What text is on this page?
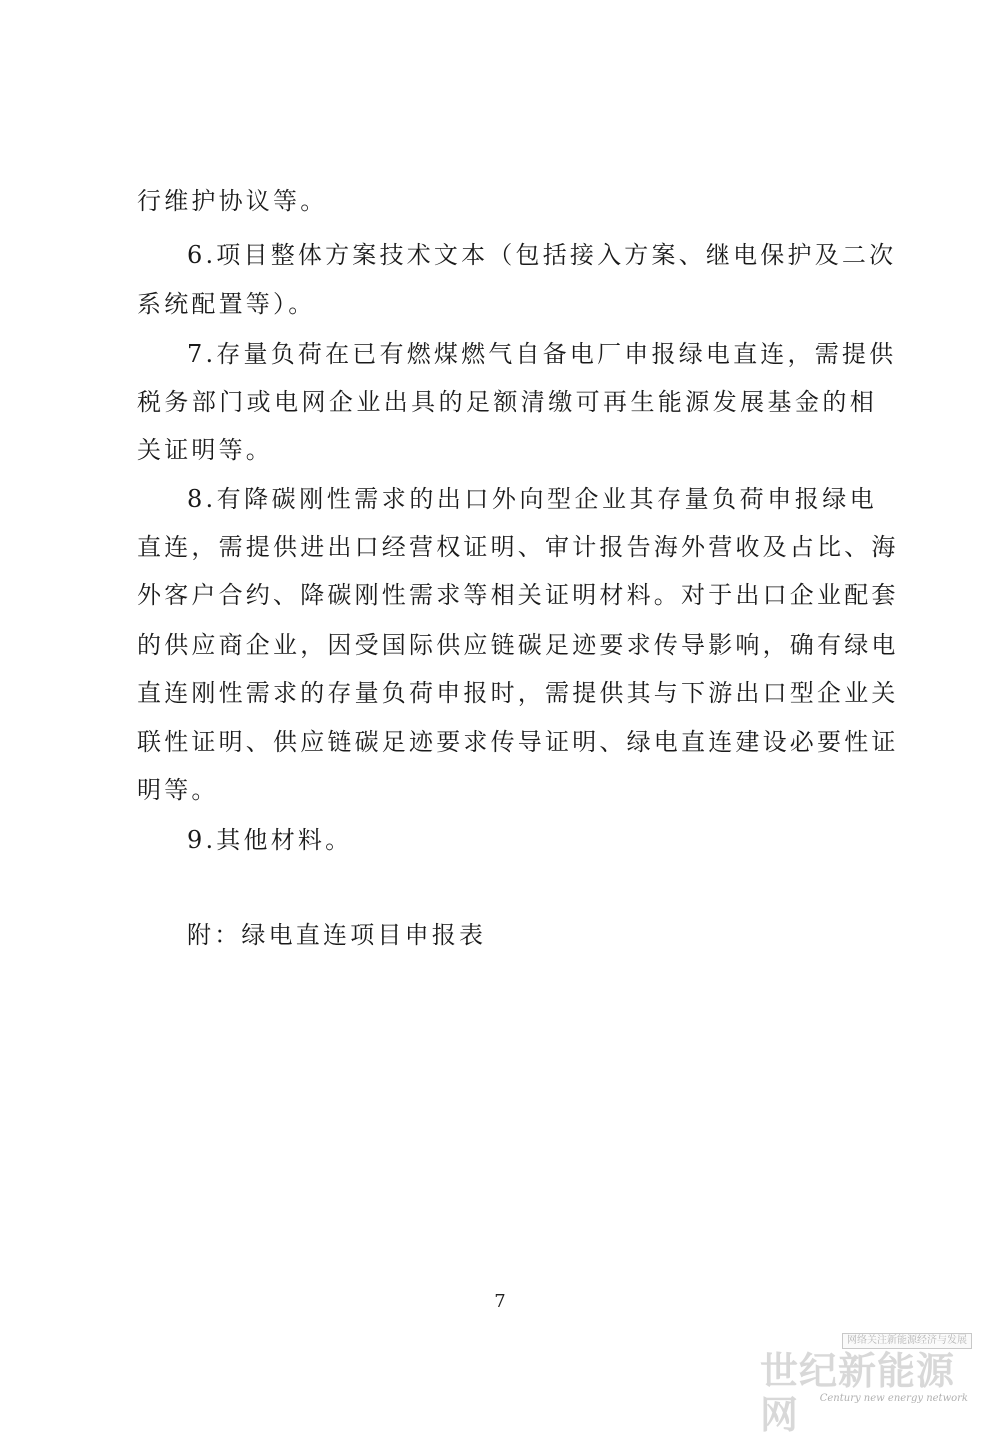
行维护协议等。
6.项目整体方案技术文本（包括接入方案、继电保护及二次
系统配置等）。
7.存量负荷在已有燃煤燃气自备电厂申报绿电直连，需提供
税务部门或电网企业出具的足额清缴可再生能源发展基金的相
关证明等。
8.有降碳刚性需求的出口外向型企业其存量负荷申报绿电
直连，需提供进出口经营权证明、审计报告海外营收及占比、海
外客户合约、降碳刚性需求等相关证明材料。对于出口企业配套
的供应商企业，因受国际供应链碳足迹要求传导影响，确有绿电
直连刚性需求的存量负荷申报时，需提供其与下游出口型企业关
联性证明、供应链碳足迹要求传导证明、绿电直连建设必要性证
明等。
9.其他材料。
附：绿电直连项目申报表
7
网络关注新能源经济与发展
世纪新能源网	Century new energy network
